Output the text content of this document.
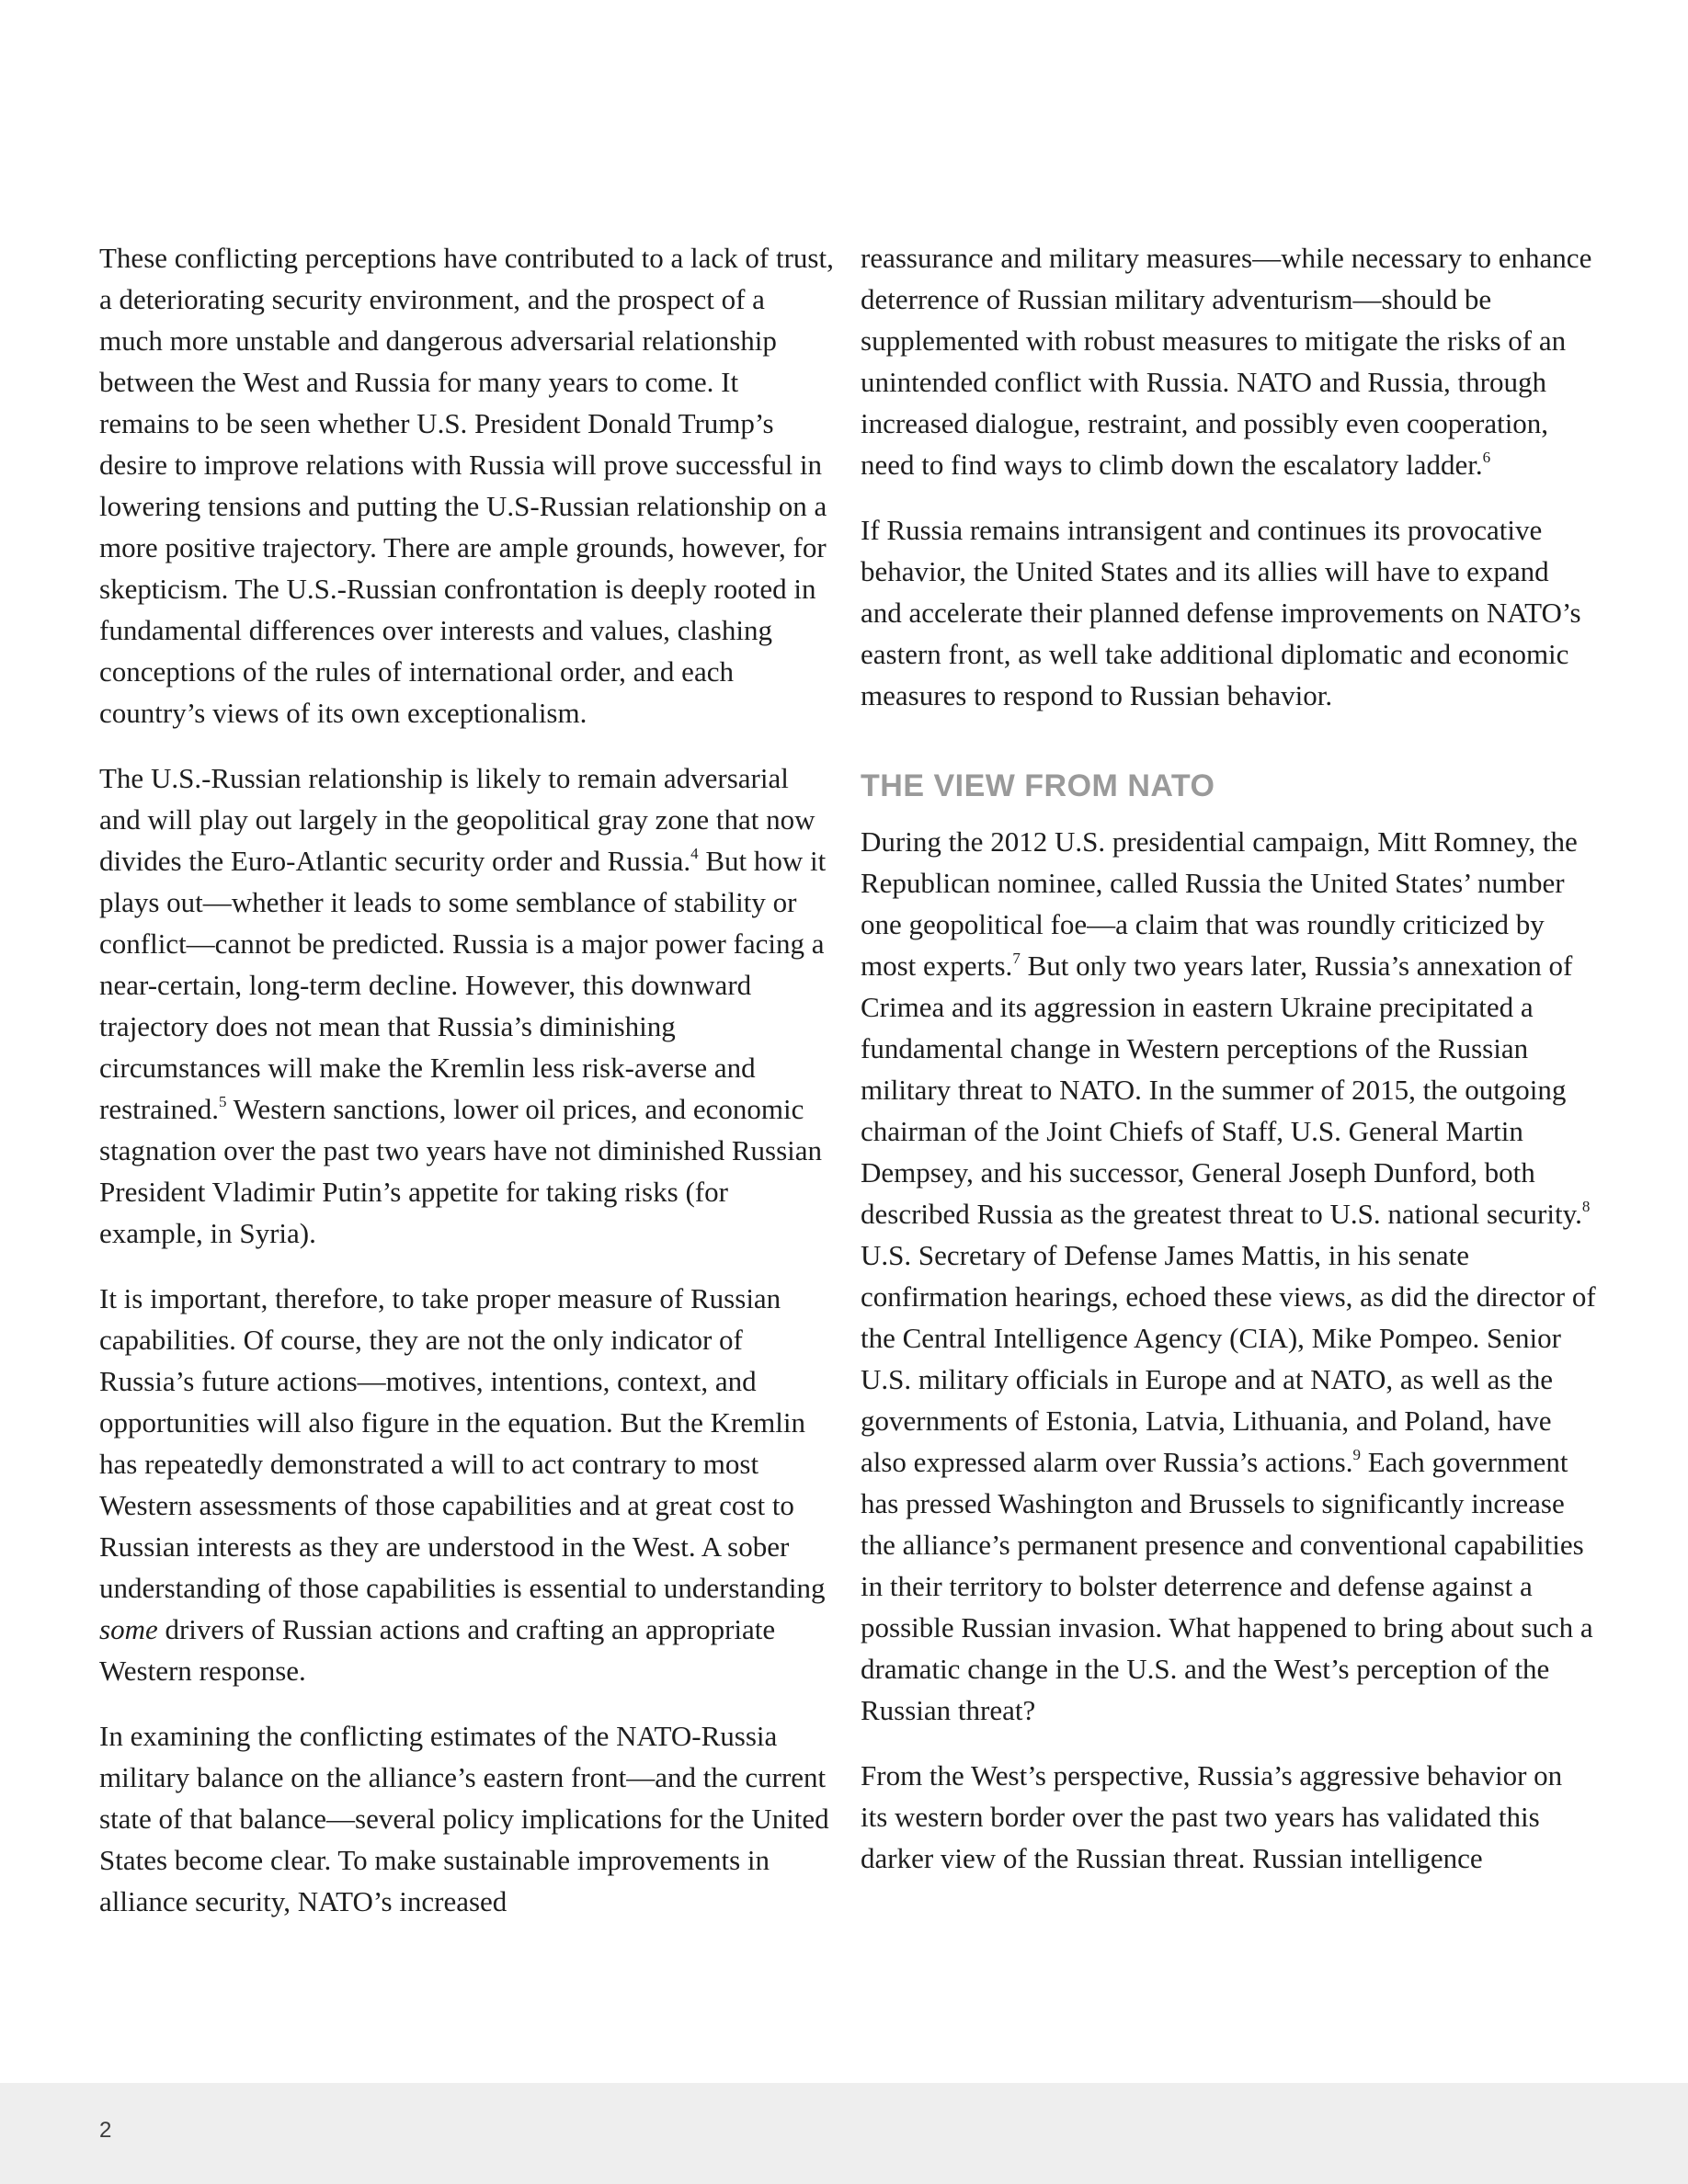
These conflicting perceptions have contributed to a lack of trust, a deteriorating security environment, and the prospect of a much more unstable and dangerous adversarial relationship between the West and Russia for many years to come. It remains to be seen whether U.S. President Donald Trump’s desire to improve relations with Russia will prove successful in lowering tensions and putting the U.S-Russian relationship on a more positive trajectory. There are ample grounds, however, for skepticism. The U.S.-Russian confrontation is deeply rooted in fundamental differences over interests and values, clashing conceptions of the rules of international order, and each country’s views of its own exceptionalism.

The U.S.-Russian relationship is likely to remain adversarial and will play out largely in the geopolitical gray zone that now divides the Euro-Atlantic security order and Russia.$^4$ But how it plays out—whether it leads to some semblance of stability or conflict—cannot be predicted. Russia is a major power facing a near-certain, long-term decline. However, this downward trajectory does not mean that Russia’s diminishing circumstances will make the Kremlin less risk-averse and restrained.$^5$ Western sanctions, lower oil prices, and economic stagnation over the past two years have not diminished Russian President Vladimir Putin’s appetite for taking risks (for example, in Syria).

It is important, therefore, to take proper measure of Russian capabilities. Of course, they are not the only indicator of Russia’s future actions—motives, intentions, context, and opportunities will also figure in the equation. But the Kremlin has repeatedly demonstrated a will to act contrary to most Western assessments of those capabilities and at great cost to Russian interests as they are understood in the West. A sober understanding of those capabilities is essential to understanding some drivers of Russian actions and crafting an appropriate Western response.

In examining the conflicting estimates of the NATO-Russia military balance on the alliance’s eastern front—and the current state of that balance—several policy implications for the United States become clear. To make sustainable improvements in alliance security, NATO’s increased

reassurance and military measures—while necessary to enhance deterrence of Russian military adventurism—should be supplemented with robust measures to mitigate the risks of an unintended conflict with Russia. NATO and Russia, through increased dialogue, restraint, and possibly even cooperation, need to find ways to climb down the escalatory ladder.$^6$

If Russia remains intransigent and continues its provocative behavior, the United States and its allies will have to expand and accelerate their planned defense improvements on NATO’s eastern front, as well take additional diplomatic and economic measures to respond to Russian behavior.

THE VIEW FROM NATO

During the 2012 U.S. presidential campaign, Mitt Romney, the Republican nominee, called Russia the United States’ number one geopolitical foe—a claim that was roundly criticized by most experts.$^7$ But only two years later, Russia’s annexation of Crimea and its aggression in eastern Ukraine precipitated a fundamental change in Western perceptions of the Russian military threat to NATO. In the summer of 2015, the outgoing chairman of the Joint Chiefs of Staff, U.S. General Martin Dempsey, and his successor, General Joseph Dunford, both described Russia as the greatest threat to U.S. national security.$^8$ U.S. Secretary of Defense James Mattis, in his senate confirmation hearings, echoed these views, as did the director of the Central Intelligence Agency (CIA), Mike Pompeo. Senior U.S. military officials in Europe and at NATO, as well as the governments of Estonia, Latvia, Lithuania, and Poland, have also expressed alarm over Russia’s actions.$^9$ Each government has pressed Washington and Brussels to significantly increase the alliance’s permanent presence and conventional capabilities in their territory to bolster deterrence and defense against a possible Russian invasion. What happened to bring about such a dramatic change in the U.S. and the West’s perception of the Russian threat?

From the West’s perspective, Russia’s aggressive behavior on its western border over the past two years has validated this darker view of the Russian threat. Russian intelligence

2
